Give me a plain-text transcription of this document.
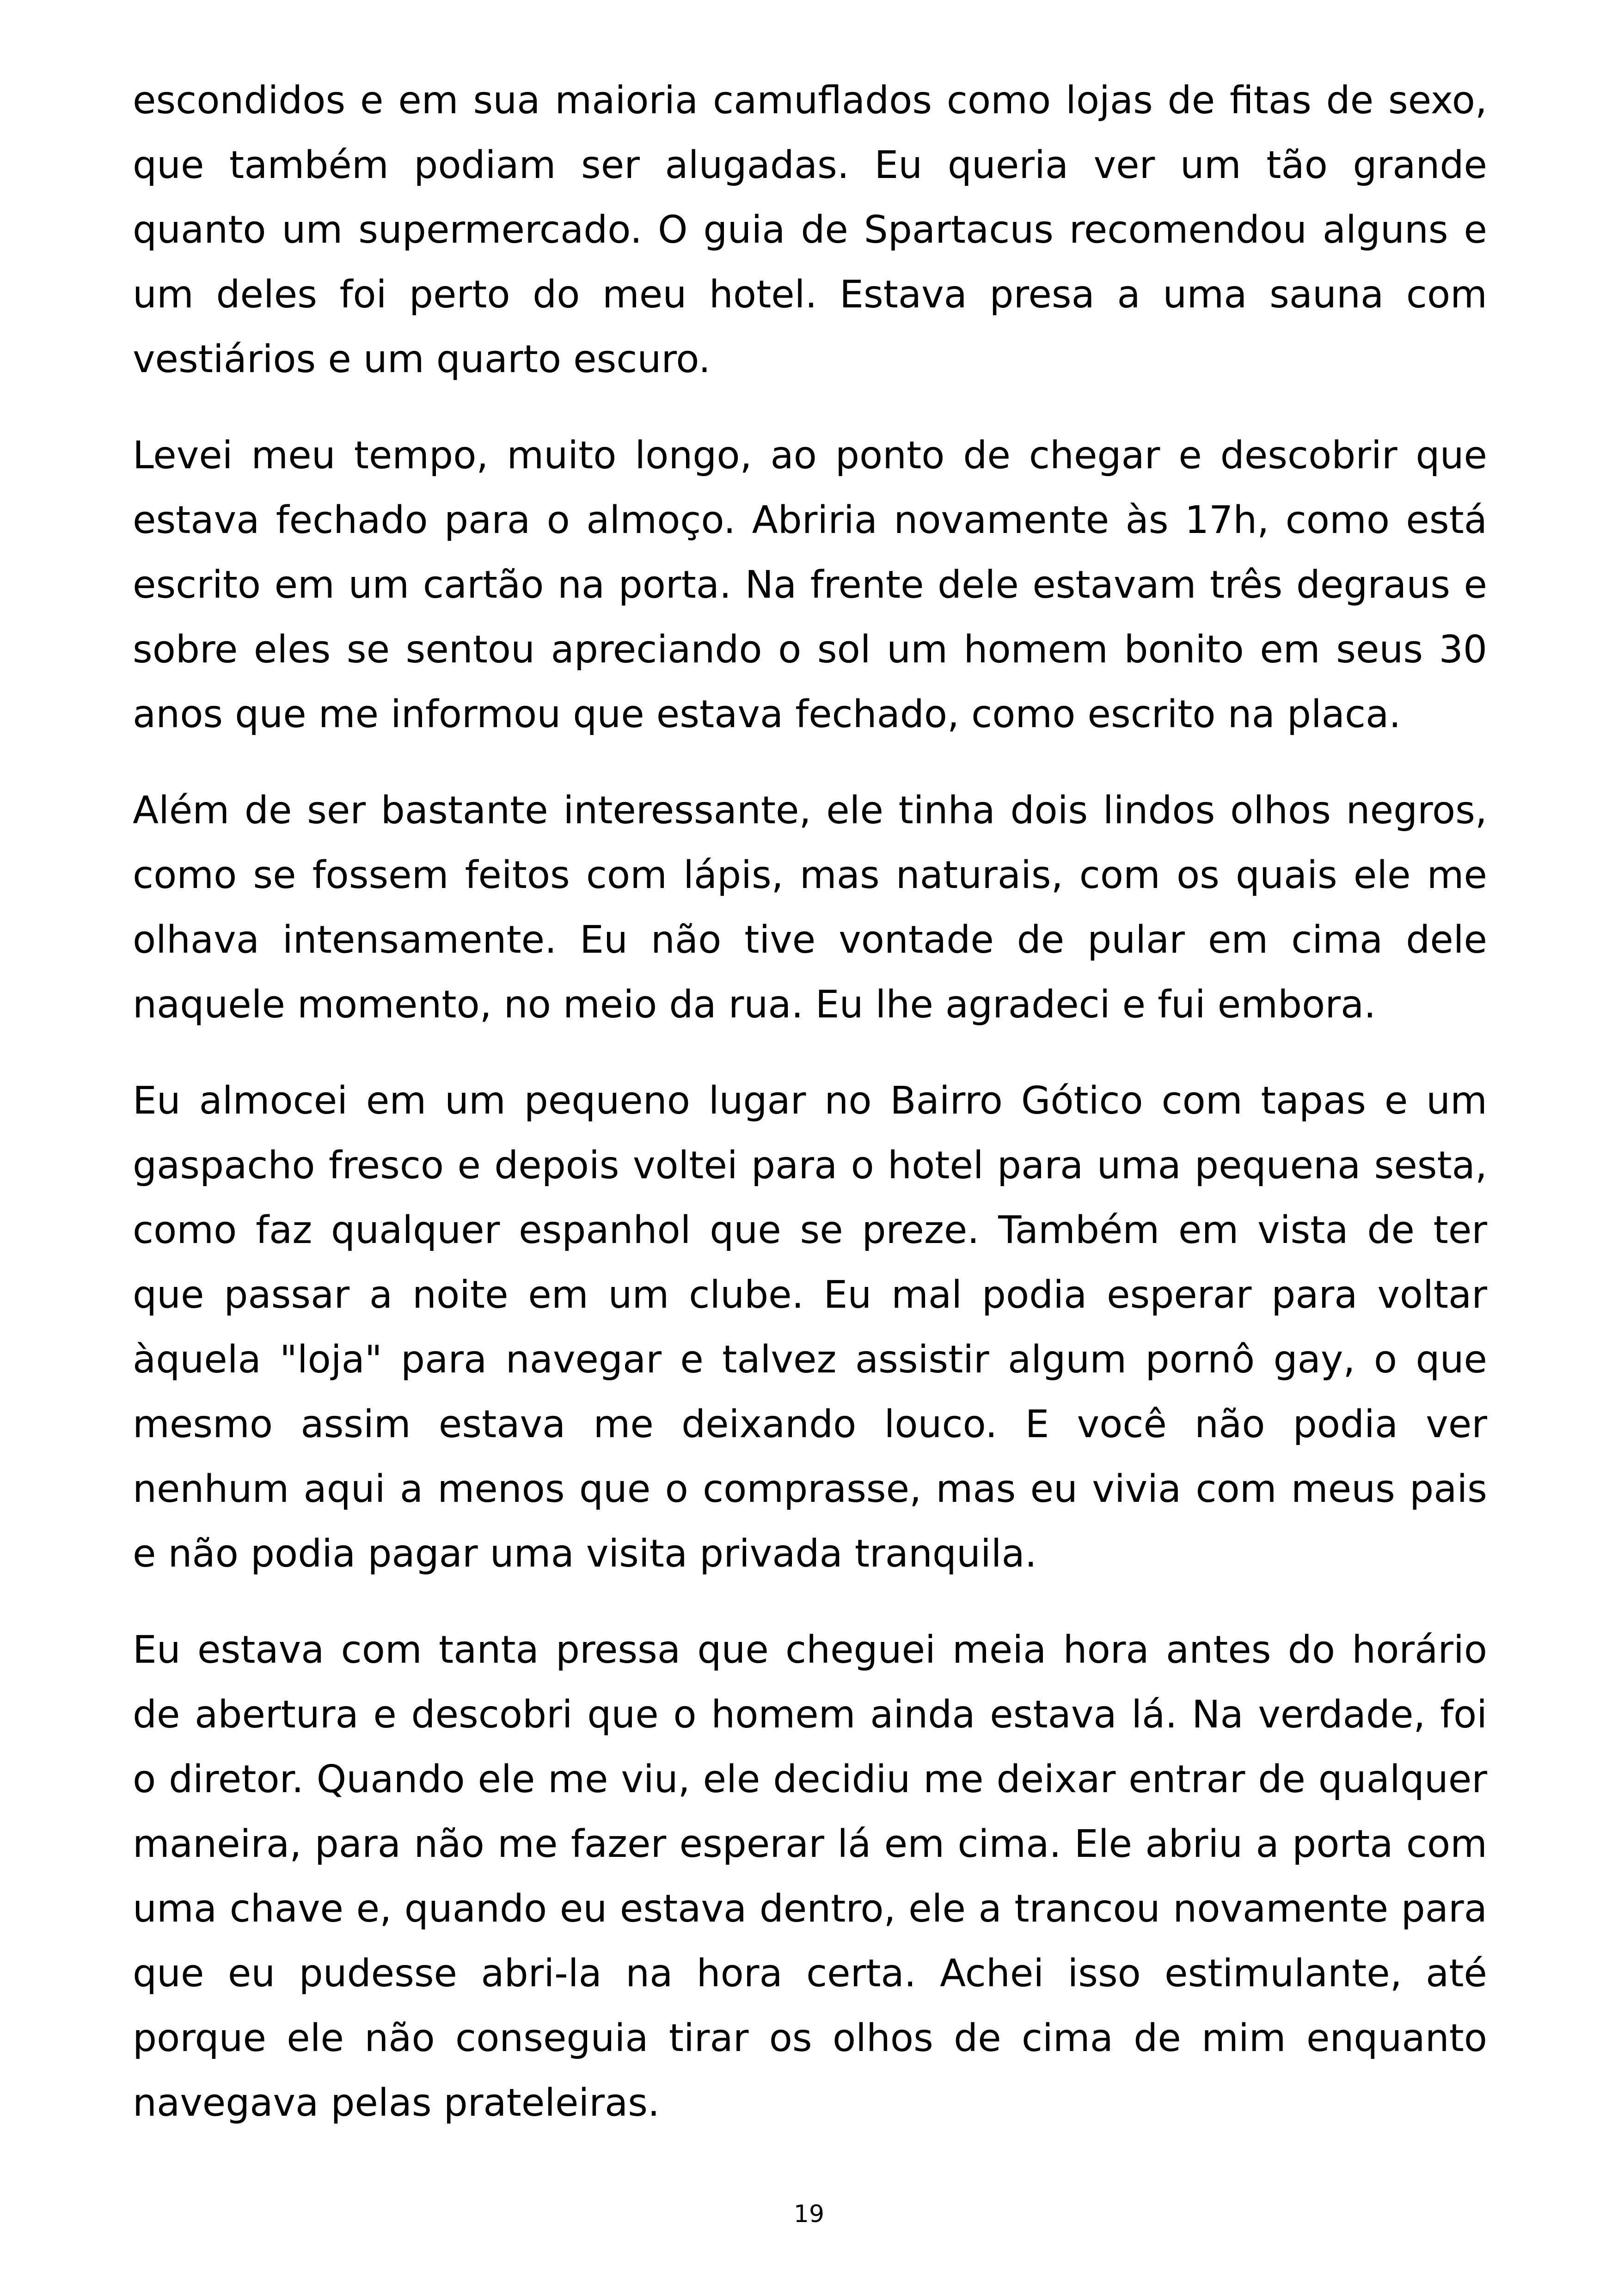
escondidos e em sua maioria camuflados como lojas de fitas de sexo, que também podiam ser alugadas. Eu queria ver um tão grande quanto um supermercado. O guia de Spartacus recomendou alguns e um deles foi perto do meu hotel. Estava presa a uma sauna com vestiários e um quarto escuro.

Levei meu tempo, muito longo, ao ponto de chegar e descobrir que estava fechado para o almoço. Abriria novamente às 17h, como está escrito em um cartão na porta. Na frente dele estavam três degraus e sobre eles se sentou apreciando o sol um homem bonito em seus 30 anos que me informou que estava fechado, como escrito na placa.

Além de ser bastante interessante, ele tinha dois lindos olhos negros, como se fossem feitos com lápis, mas naturais, com os quais ele me olhava intensamente. Eu não tive vontade de pular em cima dele naquele momento, no meio da rua. Eu lhe agradeci e fui embora.

Eu almocei em um pequeno lugar no Bairro Gótico com tapas e um gaspacho fresco e depois voltei para o hotel para uma pequena sesta, como faz qualquer espanhol que se preze. Também em vista de ter que passar a noite em um clube. Eu mal podia esperar para voltar àquela "loja" para navegar e talvez assistir algum pornô gay, o que mesmo assim estava me deixando louco. E você não podia ver nenhum aqui a menos que o comprasse, mas eu vivia com meus pais e não podia pagar uma visita privada tranquila.

Eu estava com tanta pressa que cheguei meia hora antes do horário de abertura e descobri que o homem ainda estava lá. Na verdade, foi o diretor. Quando ele me viu, ele decidiu me deixar entrar de qualquer maneira, para não me fazer esperar lá em cima. Ele abriu a porta com uma chave e, quando eu estava dentro, ele a trancou novamente para que eu pudesse abri-la na hora certa. Achei isso estimulante, até porque ele não conseguia tirar os olhos de cima de mim enquanto navegava pelas prateleiras.

19
